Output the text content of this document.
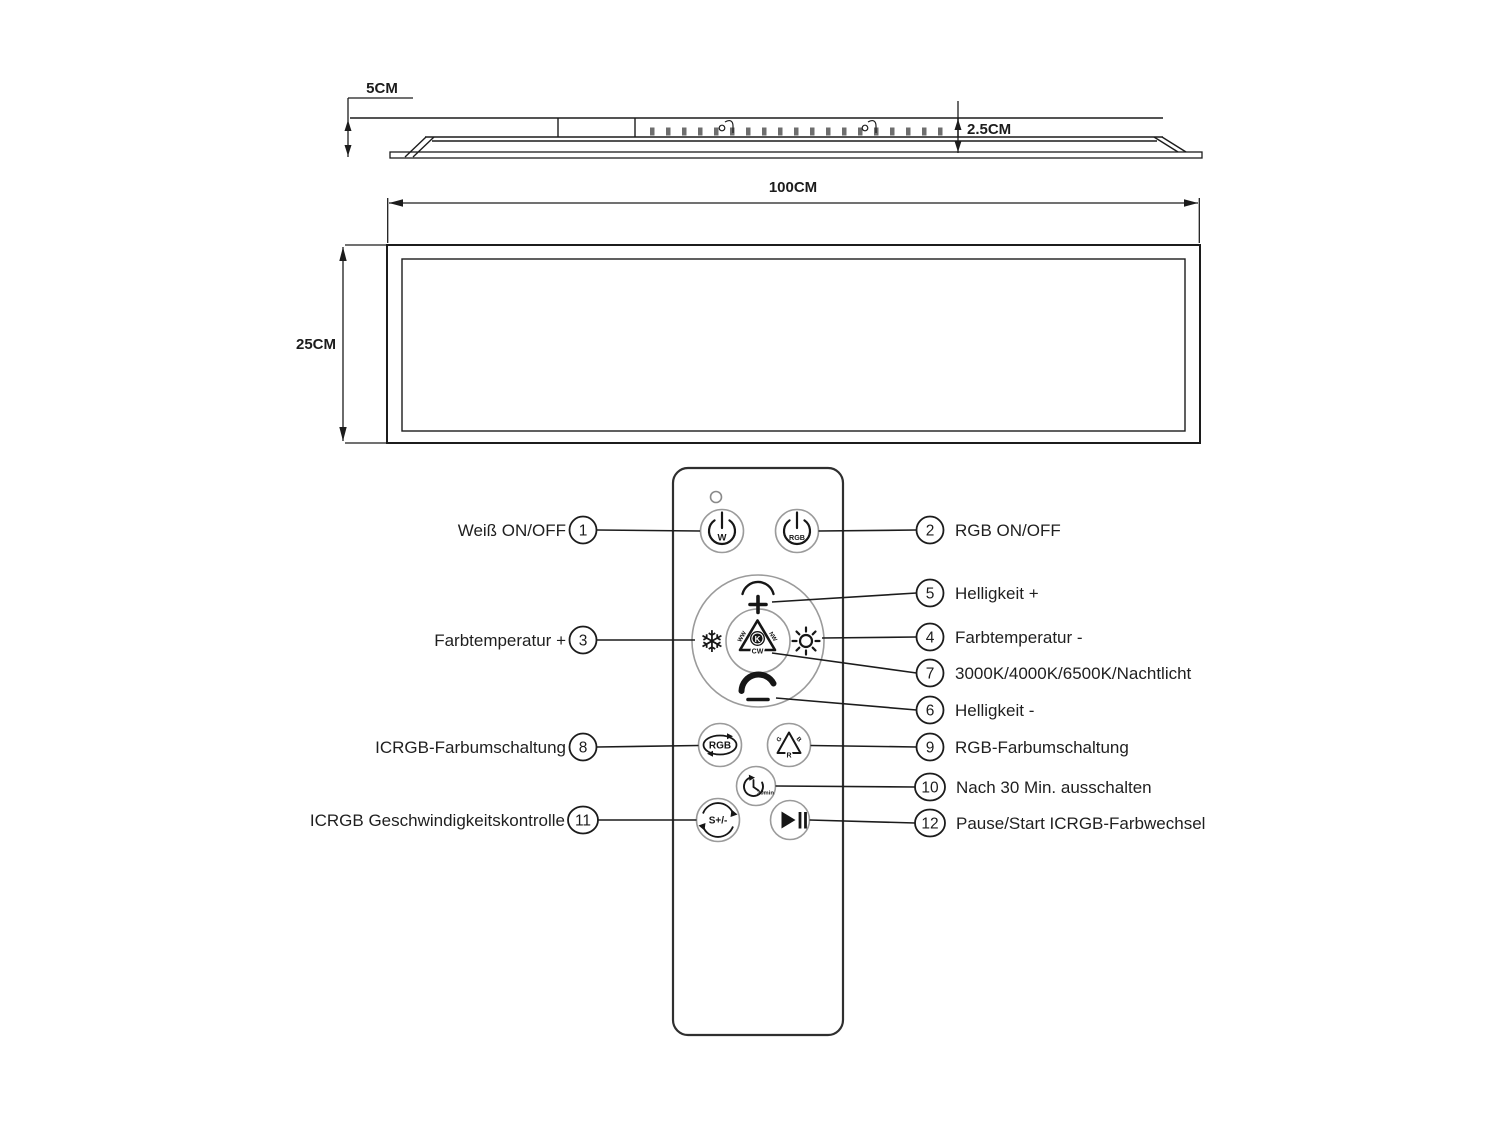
5CM
2.5CM
100CM
25CM
W	RGB
❄	K
WW	NW
CW
RGB
G B
R
30min
S+/-
1
Weiß ON/OFF
3
Farbtemperatur +
8
ICRGB-Farbumschaltung
11
ICRGB Geschwindigkeitskontrolle
2 RGB ON/OFF
5 Helligkeit +
4 Farbtemperatur -
7 3000K/4000K/6500K/Nachtlicht
6 Helligkeit -
9 RGB-Farbumschaltung
10 Nach 30 Min. ausschalten
12 Pause/Start ICRGB-Farbwechsel
